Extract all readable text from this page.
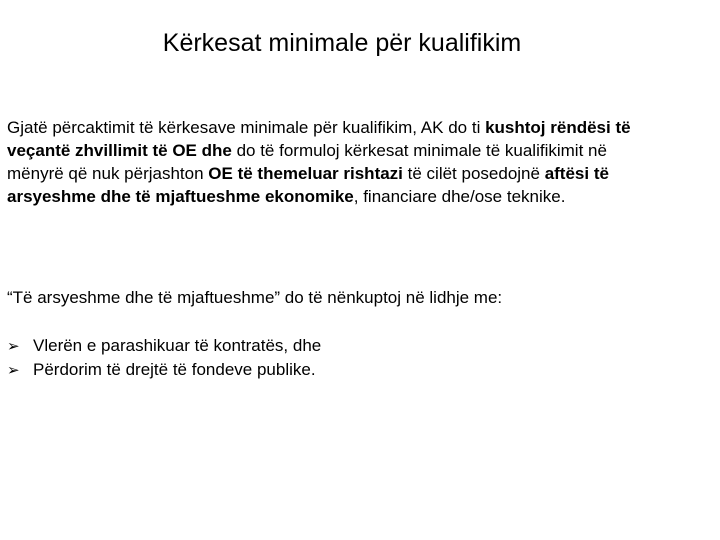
Kërkesat minimale për kualifikim

Gjatë përcaktimit të kërkesave minimale për kualifikim, AK do ti kushtoj rëndësi të veçantë zhvillimit të OE dhe do të formuloj kërkesat minimale të kualifikimit në mënyrë që nuk përjashton OE të themeluar rishtazi të cilët posedojnë aftësi të arsyeshme dhe të mjaftueshme ekonomike, financiare dhe/ose teknike.

“Të arsyeshme dhe të mjaftueshme” do të nënkuptoj në lidhje me:

➢ Vlerën e parashikuar të kontratës, dhe
➢ Përdorim të drejtë të fondeve publike.
